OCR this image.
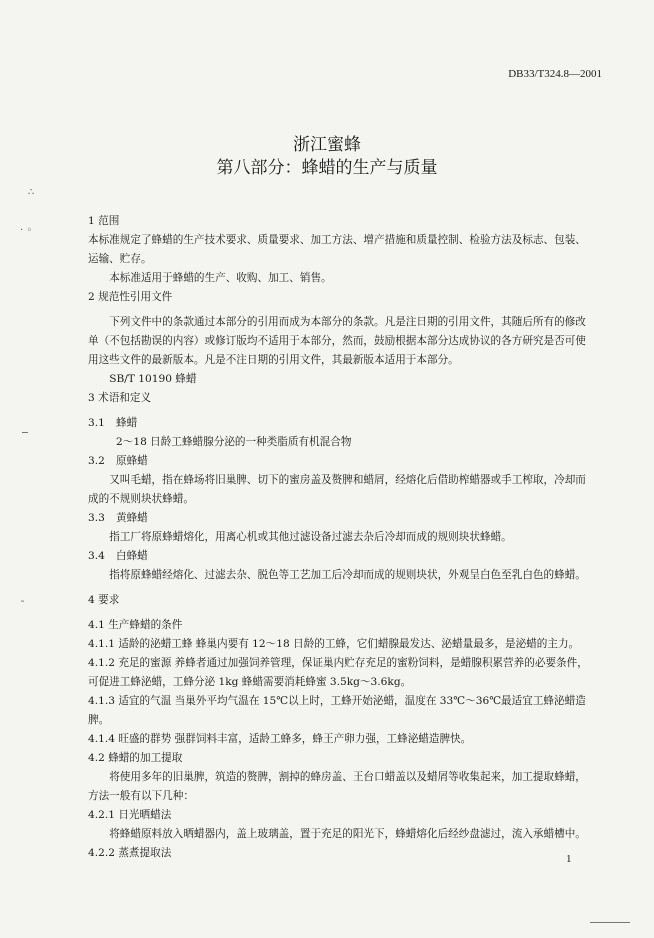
DB33/T324.8—2001
浙江蜜蜂
第八部分：蜂蜡的生产与质量
∴
· ◦
˜

1 范围

本标准规定了蜂蜡的生产技术要求、质量要求、加工方法、增产措施和质量控制、检验方法及标志、包装、运输、贮存。

本标准适用于蜂蜡的生产、收购、加工、销售。

2 规范性引用文件

下列文件中的条款通过本部分的引用而成为本部分的条款。凡是注日期的引用文件，其随后所有的修改单（不包括勘误的内容）或修订版均不适用于本部分，然而，鼓励根据本部分达成协议的各方研究是否可使用这些文件的最新版本。凡是不注日期的引用文件，其最新版本适用于本部分。

SB/T 10190 蜂蜡

3 术语和定义

3.1 蜂蜡

2～18 日龄工蜂蜡腺分泌的一种类脂质有机混合物

3.2 原蜂蜡

又叫毛蜡，指在蜂场将旧巢脾、切下的蜜房盖及赘脾和蜡屑，经熔化后借助榨蜡器或手工榨取，冷却而成的不规则块状蜂蜡。

3.3 黄蜂蜡

指工厂将原蜂蜡熔化，用离心机或其他过滤设备过滤去杂后冷却而成的规则块状蜂蜡。

3.4 白蜂蜡

指将原蜂蜡经熔化、过滤去杂、脱色等工艺加工后冷却而成的规则块状，外观呈白色至乳白色的蜂蜡。

4 要求

4.1 生产蜂蜡的条件

4.1.1 适龄的泌蜡工蜂 蜂巢内要有 12～18 日龄的工蜂，它们蜡腺最发达、泌蜡量最多，是泌蜡的主力。

4.1.2 充足的蜜源 养蜂者通过加强饲养管理，保证巢内贮存充足的蜜粉饲料，是蜡腺积累营养的必要条件，可促进工蜂泌蜡，工蜂分泌 1kg 蜂蜡需要消耗蜂蜜 3.5kg～3.6kg。

4.1.3 适宜的气温 当巢外平均气温在 15℃以上时，工蜂开始泌蜡，温度在 33℃～36℃最适宜工蜂泌蜡造脾。

4.1.4 旺盛的群势 强群饲料丰富，适龄工蜂多，蜂王产卵力强，工蜂泌蜡造脾快。

4.2 蜂蜡的加工提取

将使用多年的旧巢脾，筑造的赘脾，割掉的蜂房盖、王台口蜡盖以及蜡屑等收集起来，加工提取蜂蜡，方法一般有以下几种：

4.2.1 日光晒蜡法

将蜂蜡原料放入晒蜡器内，盖上玻璃盖，置于充足的阳光下，蜂蜡熔化后经纱盘滤过，流入承蜡槽中。

4.2.2 蒸煮提取法	1
